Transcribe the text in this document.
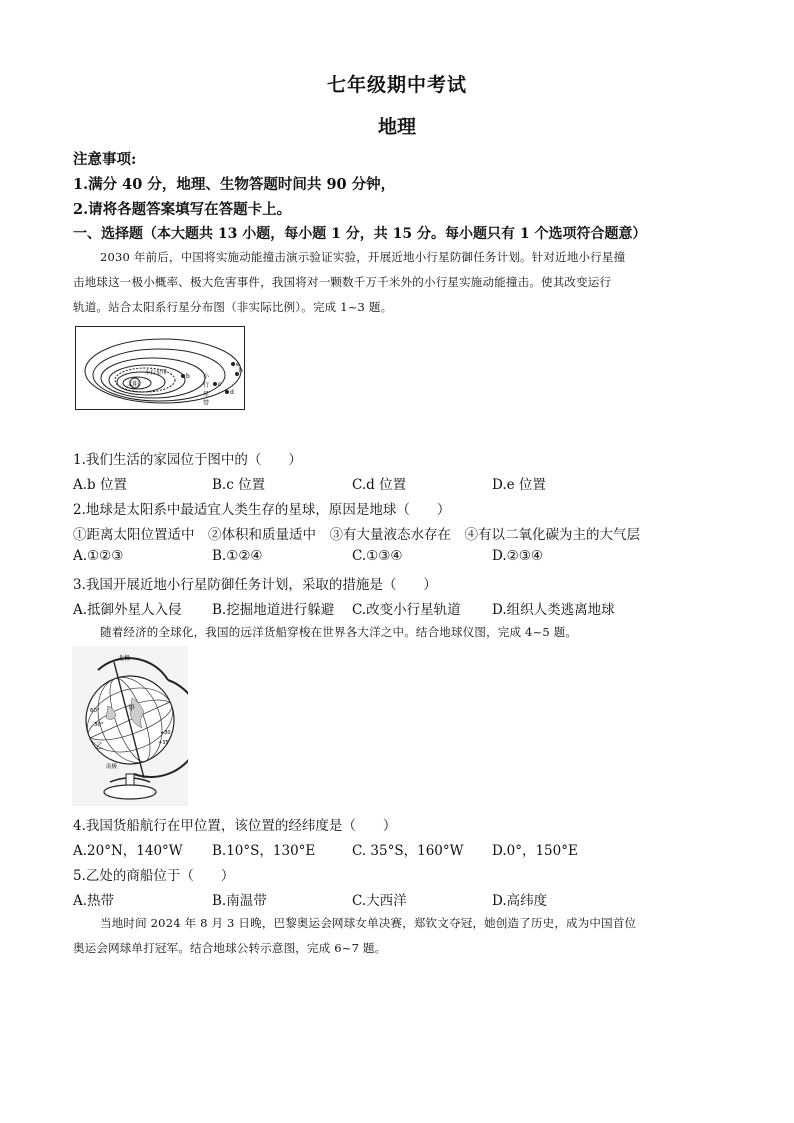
七年级期中考试
地理
注意事项:
1.满分 40 分，地理、生物答题时间共 90 分钟，
2.请将各题答案填写在答题卡上。
一、选择题（本大题共 13 小题，每小题 1 分，共 15 分。每小题只有 1 个选项符合题意）
2030 年前后，中国将实施动能撞击演示验证实验，开展近地小行星防御任务计划。针对近地小行星撞
击地球这一极小概率、极大危害事件，我国将对一颗数千万千米外的小行星实施动能撞击。使其改变运行
轨道。站合太阳系行星分布图（非实际比例）。完成 1~3 题。
太阳
小行星带	小
行
星
带
b
c
d
e
h
1.我们生活的家园位于图中的（　　）
A.b 位置	B.c 位置	C.d 位置	D.e 位置
2.地球是太阳系中最适宜人类生存的星球，原因是地球（　　）
①距离太阳位置适中　②体积和质量适中　③有大量液态水存在　④有以二氧化碳为主的大气层
A.①②③	B.①②④	C.①③④	D.②③④
3.我国开展近地小行星防御任务计划，采取的措施是（　　）
A.抵御外星人入侵 B.挖掘地道进行躲避 C.改变小行星轨道 D.组织人类逃离地球
随着经济的全球化，我国的远洋货船穿梭在世界各大洋之中。结合地球仪图，完成 4~5 题。
北极
甲
乙
60°
30°
南极
+30
+35
4.我国货船航行在甲位置，该位置的经纬度是（　　）
A.20°N，140°W B.10°S，130°E	C. 35°S，160°W D.0°，150°E
5.乙处的商船位于（　　）
A.热带	B.南温带	C.大西洋	D.高纬度
当地时间 2024 年 8 月 3 日晚，巴黎奥运会网球女单决赛，郑钦文夺冠，她创造了历史，成为中国首位
奥运会网球单打冠军。结合地球公转示意图，完成 6~7 题。
